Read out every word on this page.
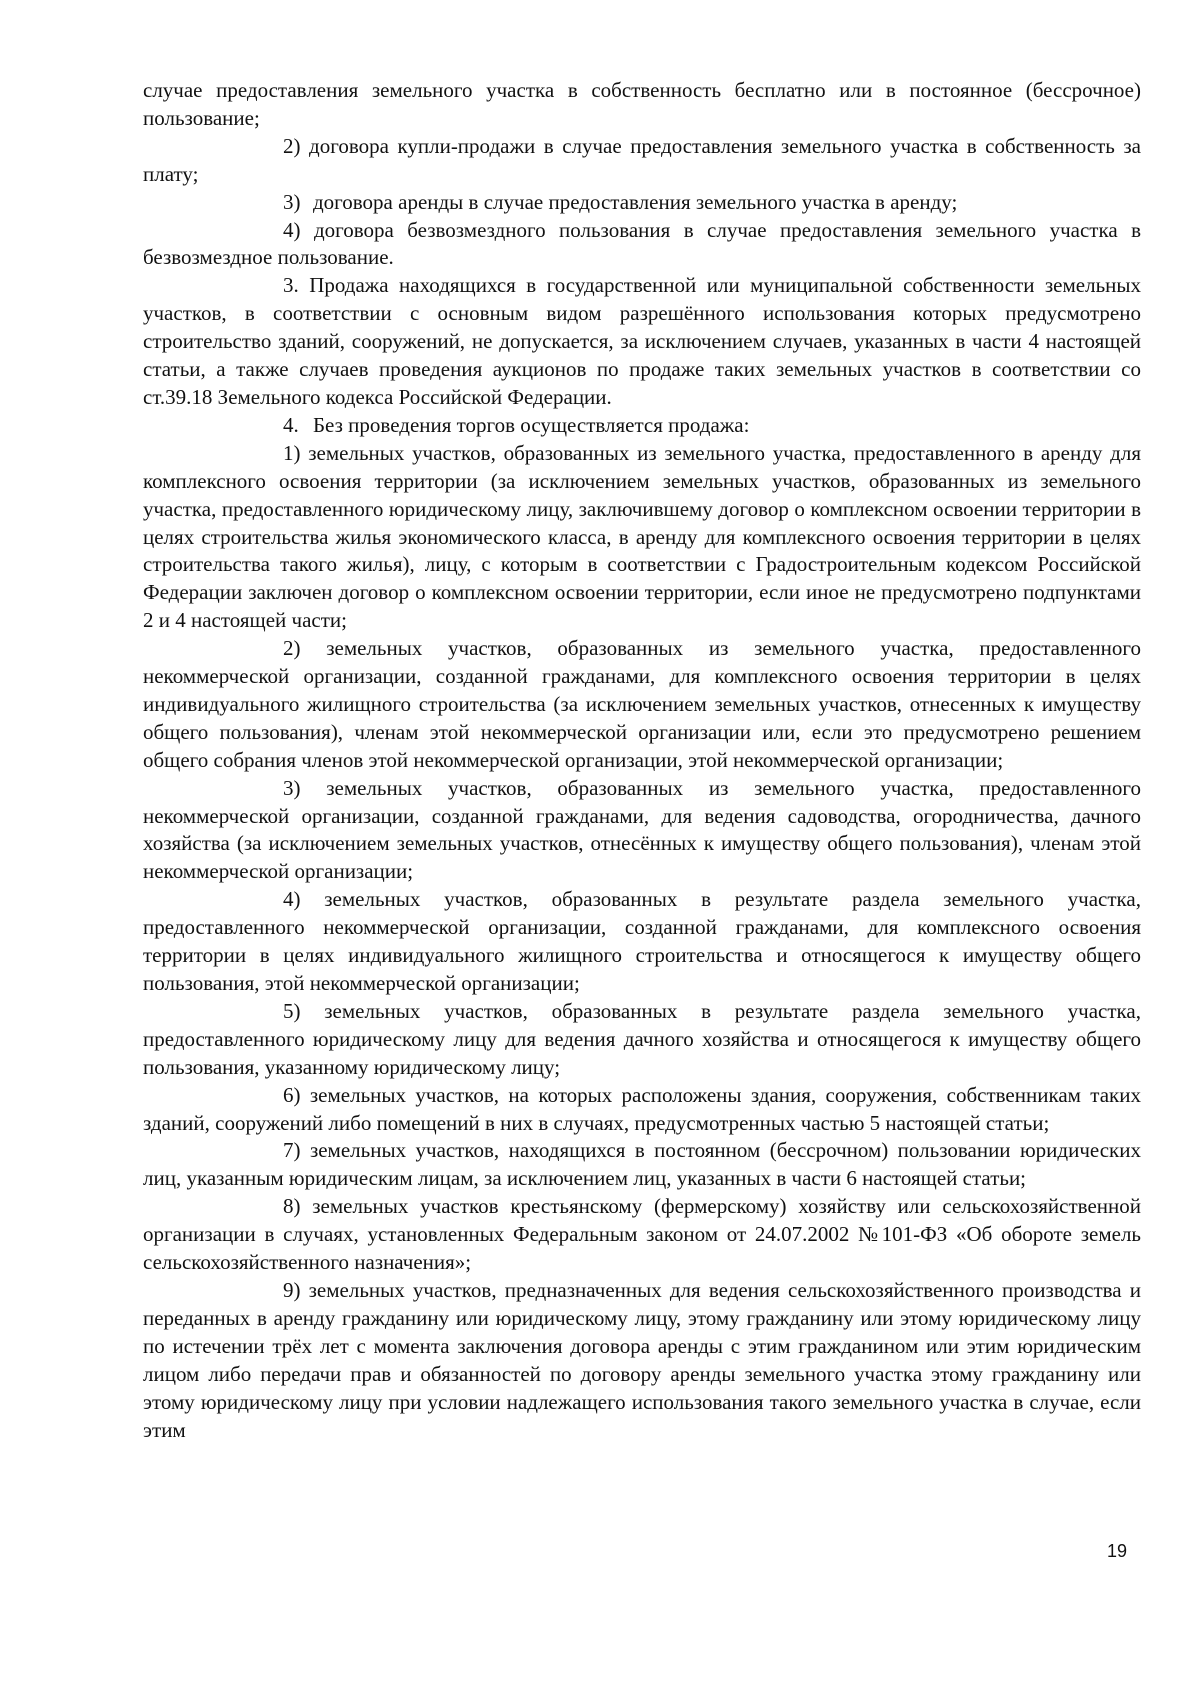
случае предоставления земельного участка в собственность бесплатно или в постоянное (бессрочное) пользование;

2) договора купли-продажи в случае предоставления земельного участка в собственность за плату;

3) договора аренды в случае предоставления земельного участка в аренду;

4) договора безвозмездного пользования в случае предоставления земельного участка в безвозмездное пользование.

3. Продажа находящихся в государственной или муниципальной собственности земельных участков, в соответствии с основным видом разрешённого использования которых предусмотрено строительство зданий, сооружений, не допускается, за исключением случаев, указанных в части 4 настоящей статьи, а также случаев проведения аукционов по продаже таких земельных участков в соответствии со ст.39.18 Земельного кодекса Российской Федерации.

4. Без проведения торгов осуществляется продажа:

1) земельных участков, образованных из земельного участка, предоставленного в аренду для комплексного освоения территории (за исключением земельных участков, образованных из земельного участка, предоставленного юридическому лицу, заключившему договор о комплексном освоении территории в целях строительства жилья экономического класса, в аренду для комплексного освоения территории в целях строительства такого жилья), лицу, с которым в соответствии с Градостроительным кодексом Российской Федерации заключен договор о комплексном освоении территории, если иное не предусмотрено подпунктами 2 и 4 настоящей части;

2) земельных участков, образованных из земельного участка, предоставленного некоммерческой организации, созданной гражданами, для комплексного освоения территории в целях индивидуального жилищного строительства (за исключением земельных участков, отнесенных к имуществу общего пользования), членам этой некоммерческой организации или, если это предусмотрено решением общего собрания членов этой некоммерческой организации, этой некоммерческой организации;

3) земельных участков, образованных из земельного участка, предоставленного некоммерческой организации, созданной гражданами, для ведения садоводства, огородничества, дачного хозяйства (за исключением земельных участков, отнесённых к имуществу общего пользования), членам этой некоммерческой организации;

4) земельных участков, образованных в результате раздела земельного участка, предоставленного некоммерческой организации, созданной гражданами, для комплексного освоения территории в целях индивидуального жилищного строительства и относящегося к имуществу общего пользования, этой некоммерческой организации;

5) земельных участков, образованных в результате раздела земельного участка, предоставленного юридическому лицу для ведения дачного хозяйства и относящегося к имуществу общего пользования, указанному юридическому лицу;

6) земельных участков, на которых расположены здания, сооружения, собственникам таких зданий, сооружений либо помещений в них в случаях, предусмотренных частью 5 настоящей статьи;

7) земельных участков, находящихся в постоянном (бессрочном) пользовании юридических лиц, указанным юридическим лицам, за исключением лиц, указанных в части 6 настоящей статьи;

8) земельных участков крестьянскому (фермерскому) хозяйству или сельскохозяйственной организации в случаях, установленных Федеральным законом от 24.07.2002 №101-ФЗ «Об обороте земель сельскохозяйственного назначения»;

9) земельных участков, предназначенных для ведения сельскохозяйственного производства и переданных в аренду гражданину или юридическому лицу, этому гражданину или этому юридическому лицу по истечении трёх лет с момента заключения договора аренды с этим гражданином или этим юридическим лицом либо передачи прав и обязанностей по договору аренды земельного участка этому гражданину или этому юридическому лицу при условии надлежащего использования такого земельного участка в случае, если этим

19
